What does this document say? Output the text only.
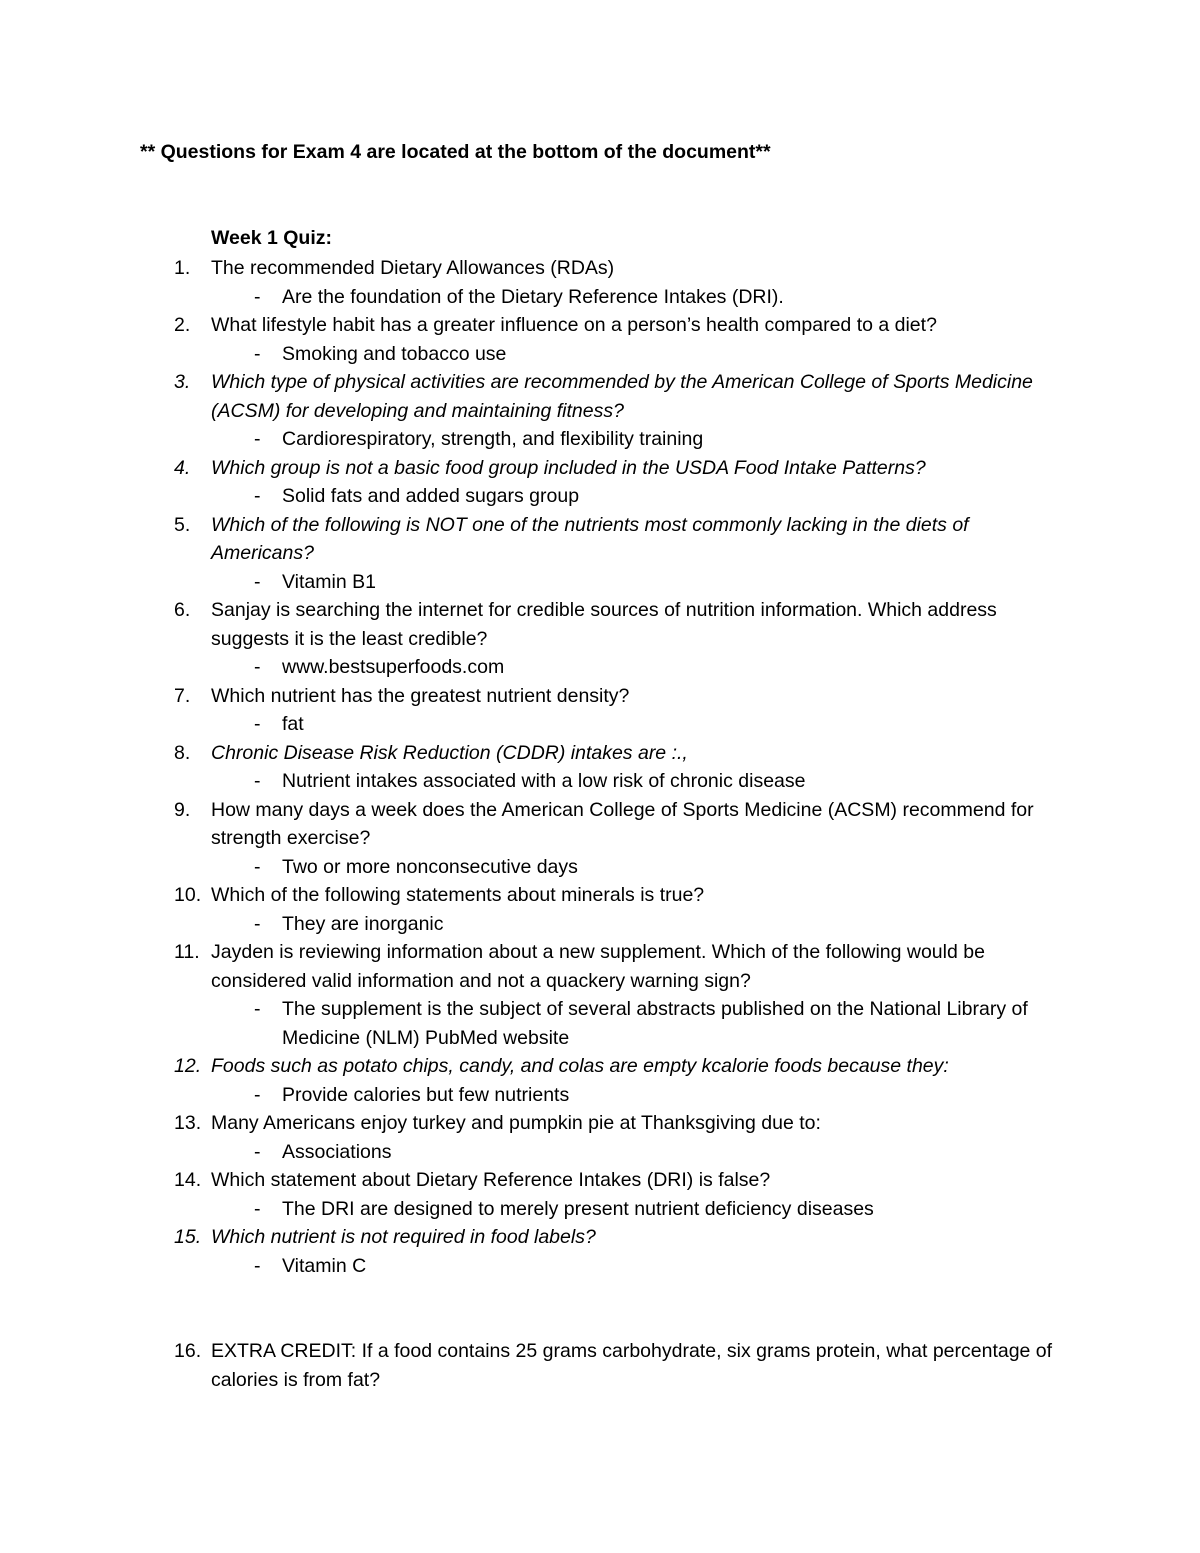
** Questions for Exam 4 are located at the bottom of the document**
Week 1 Quiz:
1.	The recommended Dietary Allowances (RDAs)
-	Are the foundation of the Dietary Reference Intakes (DRI).
2.	What lifestyle habit has a greater influence on a person’s health compared to a diet?
-	Smoking and tobacco use
3.	Which type of physical activities are recommended by the American College of Sports Medicine (ACSM) for developing and maintaining fitness?
-	Cardiorespiratory, strength, and flexibility training
4.	Which group is not a basic food group included in the USDA Food Intake Patterns?
-	Solid fats and added sugars group
5.	Which of the following is NOT one of the nutrients most commonly lacking in the diets of Americans?
-	Vitamin B1
6.	Sanjay is searching the internet for credible sources of nutrition information. Which address suggests it is the least credible?
-	www.bestsuperfoods.com
7.	Which nutrient has the greatest nutrient density?
-	fat
8.	Chronic Disease Risk Reduction (CDDR) intakes are :.,
-	Nutrient intakes associated with a low risk of chronic disease
9.	How many days a week does the American College of Sports Medicine (ACSM) recommend for strength exercise?
-	Two or more nonconsecutive days
10. Which of the following statements about minerals is true?
-	They are inorganic
11. Jayden is reviewing information about a new supplement. Which of the following would be considered valid information and not a quackery warning sign?
-	The supplement is the subject of several abstracts published on the National Library of Medicine (NLM) PubMed website
12. Foods such as potato chips, candy, and colas are empty kcalorie foods because they:
-	Provide calories but few nutrients
13. Many Americans enjoy turkey and pumpkin pie at Thanksgiving due to:
-	Associations
14. Which statement about Dietary Reference Intakes (DRI) is false?
-	The DRI are designed to merely present nutrient deficiency diseases
15. Which nutrient is not required in food labels?
-	Vitamin C
16. EXTRA CREDIT: If a food contains 25 grams carbohydrate, six grams protein, what percentage of calories is from fat?
